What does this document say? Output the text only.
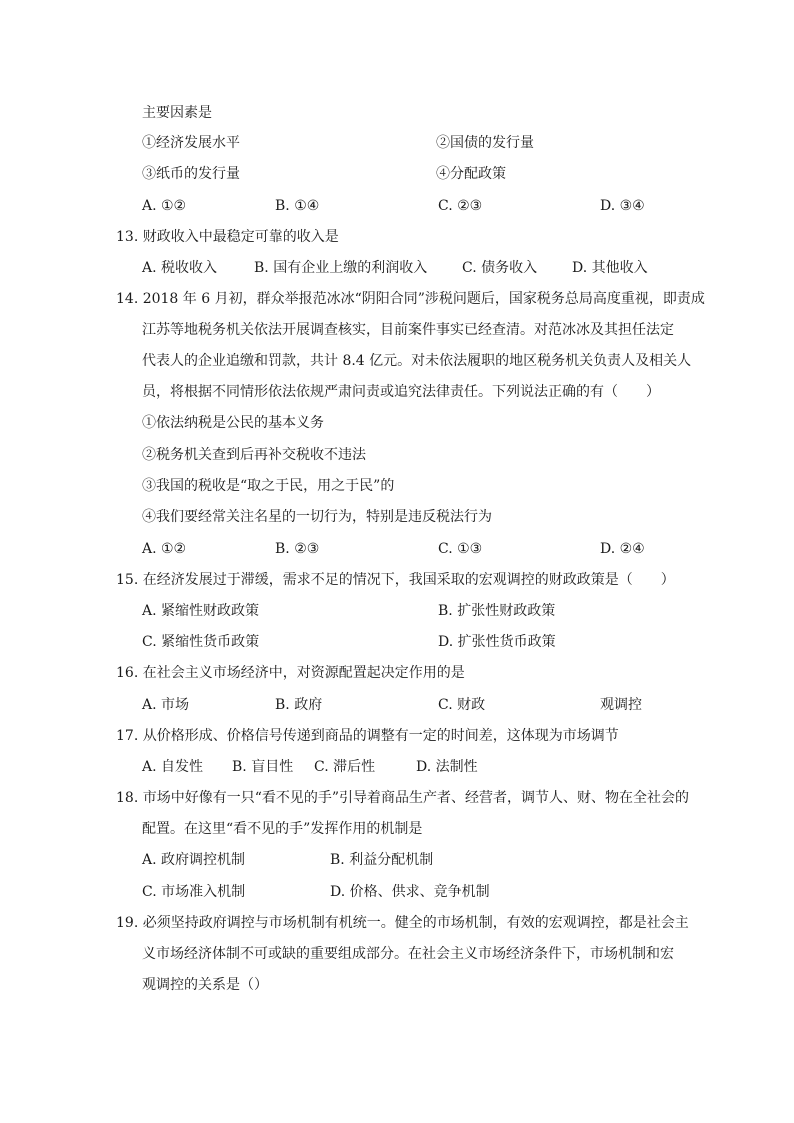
主要因素是
①经济发展水平	②国债的发行量
③纸币的发行量	④分配政策
A. ①②	B. ①④	C. ②③	D. ③④
13. 财政收入中最稳定可靠的收入是
A. 税收收入	B. 国有企业上缴的利润收入 C. 债务收入 D. 其他收入
14. 2018 年 6 月初，群众举报范冰冰“阴阳合同”涉税问题后，国家税务总局高度重视，即责成
江苏等地税务机关依法开展调查核实，目前案件事实已经查清。对范冰冰及其担任法定
代表人的企业追缴和罚款，共计 8.4 亿元。对未依法履职的地区税务机关负责人及相关人
员，将根据不同情形依法依规严肃问责或追究法律责任。下列说法正确的有（　　）
①依法纳税是公民的基本义务
②税务机关查到后再补交税收不违法
③我国的税收是“取之于民，用之于民”的
④我们要经常关注名星的一切行为，特别是违反税法行为
A. ①②	B. ②③	C. ①③	D. ②④
15. 在经济发展过于滞缓，需求不足的情况下，我国采取的宏观调控的财政政策是（　　）
A. 紧缩性财政政策	B. 扩张性财政政策
C. 紧缩性货币政策	D. 扩张性货币政策
16. 在社会主义市场经济中，对资源配置起决定作用的是
A. 市场	B. 政府	C. 财政	观调控
17. 从价格形成、价格信号传递到商品的调整有一定的时间差，这体现为市场调节
A. 自发性 B. 盲目性 C. 滞后性	D. 法制性
18. 市场中好像有一只“看不见的手”引导着商品生产者、经营者，调节人、财、物在全社会的
配置。在这里“看不见的手”发挥作用的机制是
A. 政府调控机制	B. 利益分配机制
C. 市场准入机制	D. 价格、供求、竞争机制
19. 必须坚持政府调控与市场机制有机统一。健全的市场机制，有效的宏观调控，都是社会主
义市场经济体制不可或缺的重要组成部分。在社会主义市场经济条件下，市场机制和宏
观调控的关系是（）
